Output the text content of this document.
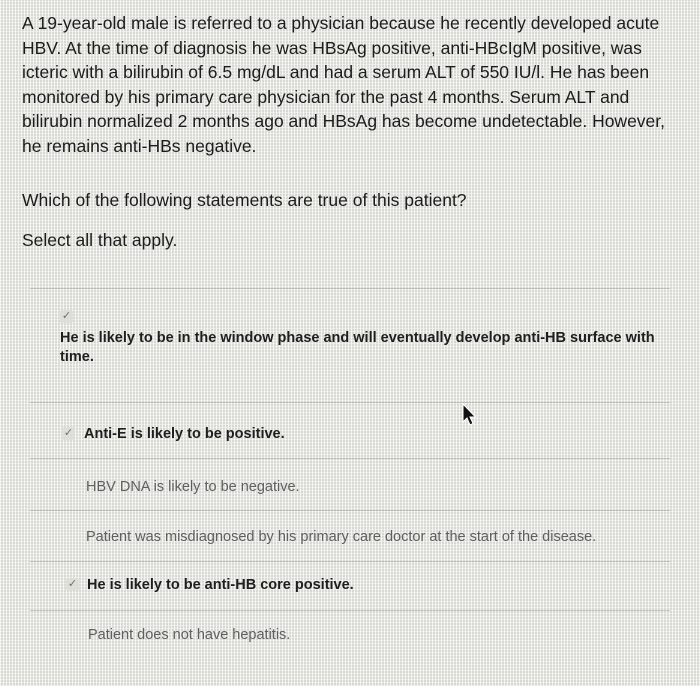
A 19-year-old male is referred to a physician because he recently developed acute HBV. At the time of diagnosis he was HBsAg positive, anti-HBcIgM positive, was icteric with a bilirubin of 6.5 mg/dL and had a serum ALT of 550 IU/l. He has been monitored by his primary care physician for the past 4 months. Serum ALT and bilirubin normalized 2 months ago and HBsAg has become undetectable. However, he remains anti-HBs negative.

Which of the following statements are true of this patient?

Select all that apply.

✓
He is likely to be in the window phase and will eventually develop anti-HB surface with time.
✓ Anti-E is likely to be positive.
HBV DNA is likely to be negative.
Patient was misdiagnosed by his primary care doctor at the start of the disease.
✓ He is likely to be anti-HB core positive.
Patient does not have hepatitis.
